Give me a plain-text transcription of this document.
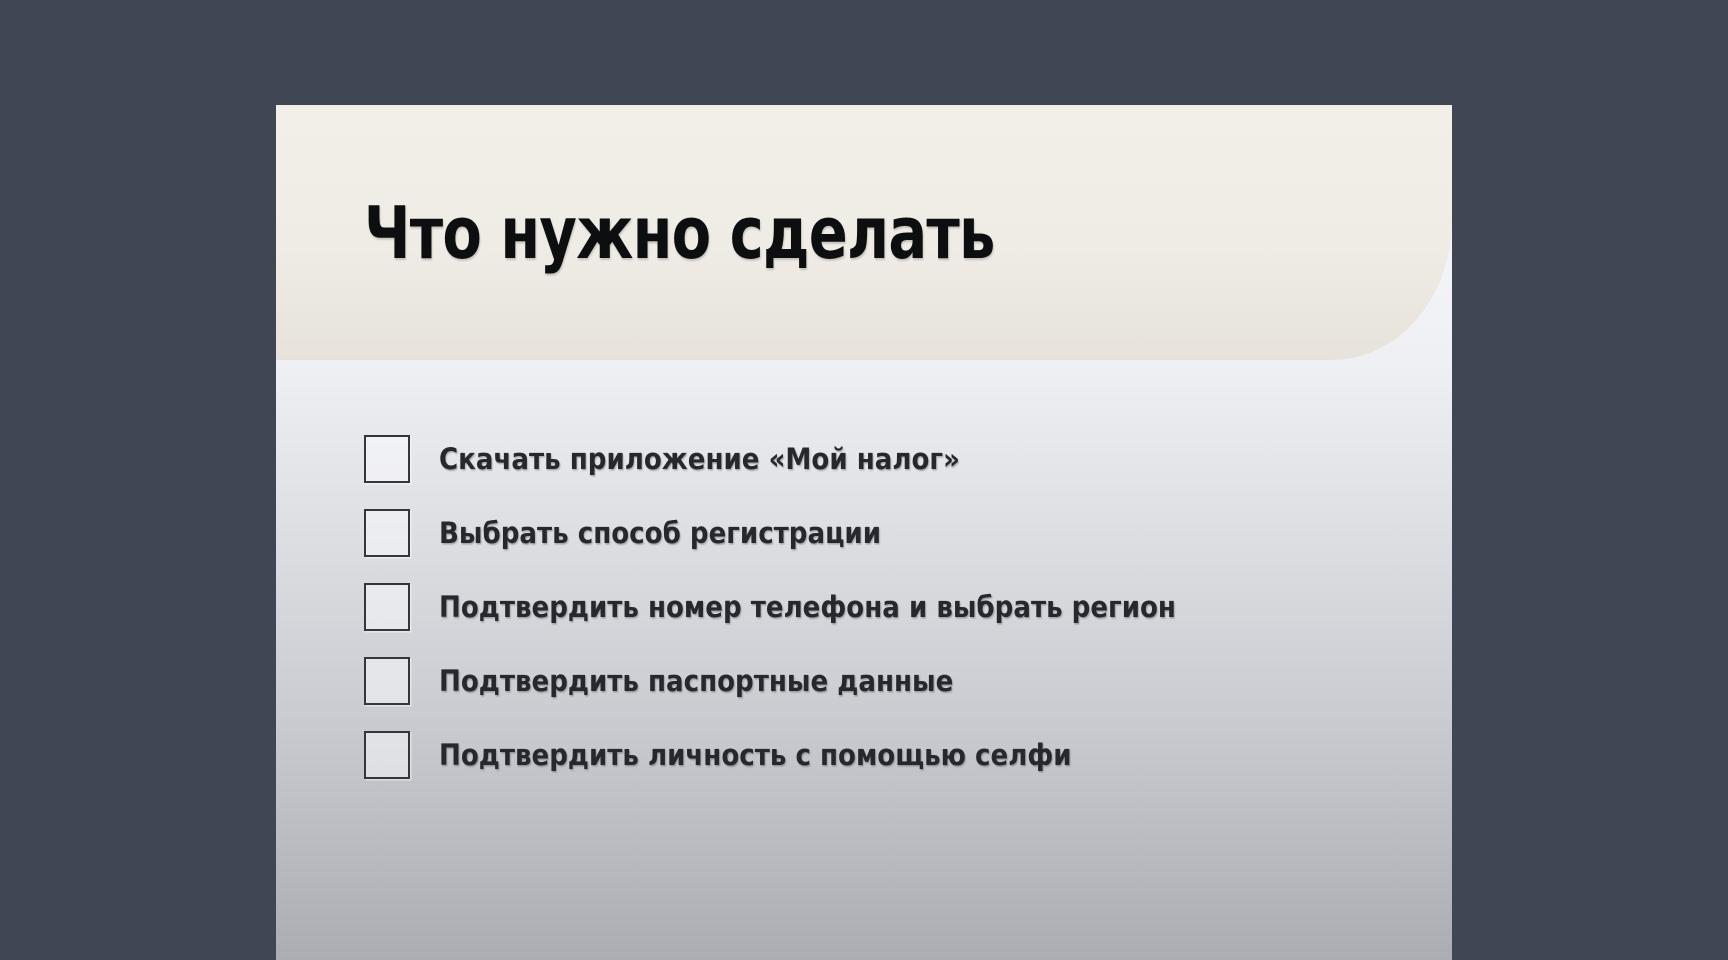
Что нужно сделать
Скачать приложение «Мой налог»
Выбрать способ регистрации
Подтвердить номер телефона и выбрать регион
Подтвердить паспортные данные
Подтвердить личность с помощью селфи
